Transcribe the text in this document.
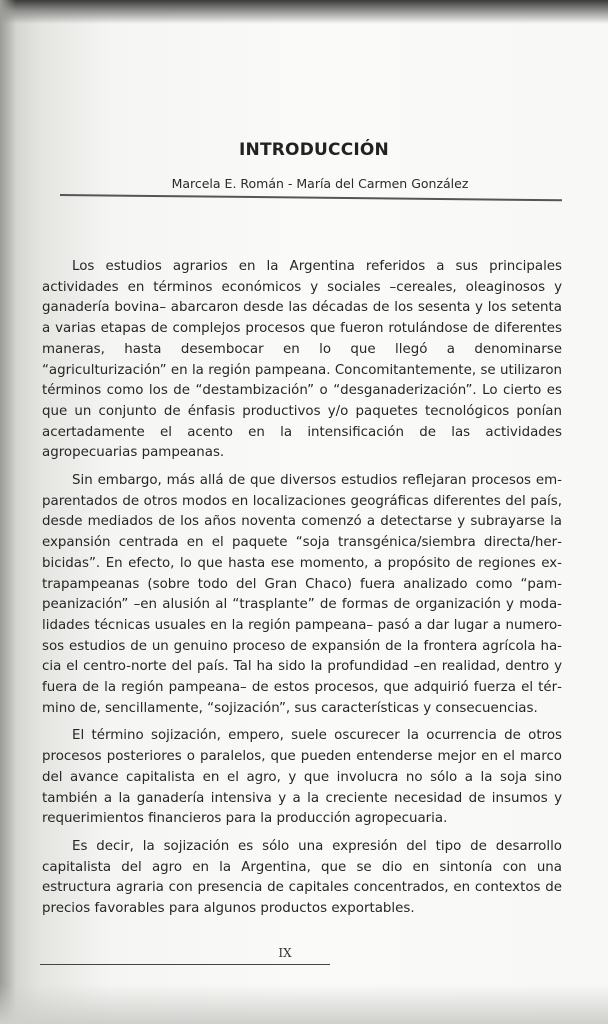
INTRODUCCIÓN
Marcela E. Román - María del Carmen González

Los estudios agrarios en la Argentina referidos a sus principales actividades en términos económicos y sociales –cereales, oleaginosos y ganadería bovina– abarcaron desde las décadas de los sesenta y los setenta a varias etapas de complejos procesos que fueron rotulándose de diferentes maneras, hasta desembocar en lo que llegó a denominarse “agriculturización” en la región pampeana. Concomitantemente, se utilizaron términos como los de “destambización” o “desganaderización”. Lo cierto es que un conjunto de énfasis productivos y/o paquetes tecnológicos ponían acertadamente el acento en la intensificación de las actividades agropecuarias pampeanas.

Sin embargo, más allá de que diversos estudios reflejaran procesos emparentados de otros modos en localizaciones geográficas diferentes del país, desde mediados de los años noventa comenzó a detectarse y subrayarse la expansión centrada en el paquete “soja transgénica/siembra directa/herbicidas”. En efecto, lo que hasta ese momento, a propósito de regiones extrapampeanas (sobre todo del Gran Chaco) fuera analizado como “pampeanización” –en alusión al “trasplante” de formas de organización y modalidades técnicas usuales en la región pampeana– pasó a dar lugar a numerosos estudios de un genuino proceso de expansión de la frontera agrícola hacia el centro-norte del país. Tal ha sido la profundidad –en realidad, dentro y fuera de la región pampeana– de estos procesos, que adquirió fuerza el término de, sencillamente, “sojización”, sus características y consecuencias.

El término sojización, empero, suele oscurecer la ocurrencia de otros procesos posteriores o paralelos, que pueden entenderse mejor en el marco del avance capitalista en el agro, y que involucra no sólo a la soja sino también a la ganadería intensiva y a la creciente necesidad de insumos y requerimientos financieros para la producción agropecuaria.

Es decir, la sojización es sólo una expresión del tipo de desarrollo capitalista del agro en la Argentina, que se dio en sintonía con una estructura agraria con presencia de capitales concentrados, en contextos de precios favorables para algunos productos exportables.

IX
